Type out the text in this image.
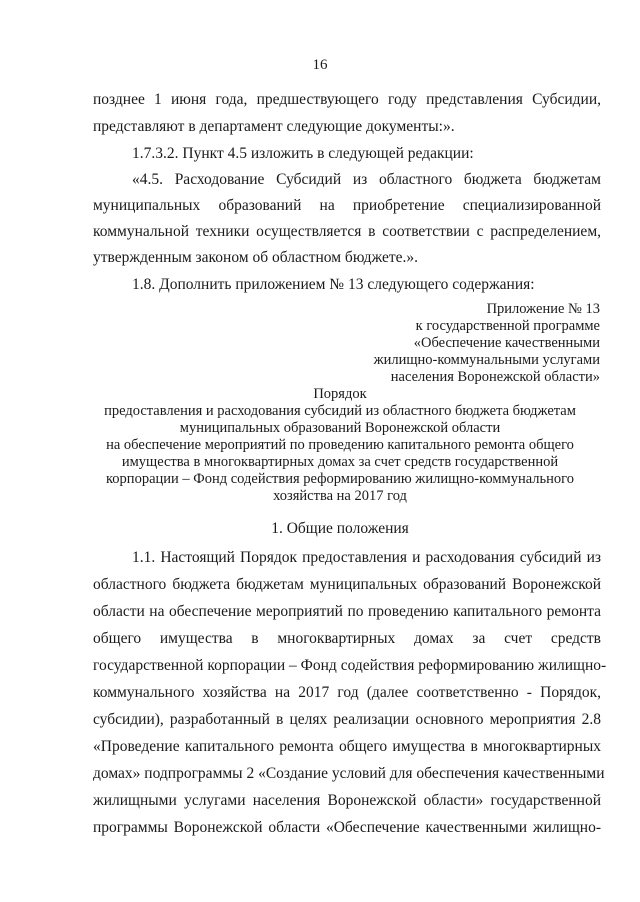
16
позднее 1 июня года, предшествующего году представления Субсидии,
представляют в департамент следующие документы:».
1.7.3.2. Пункт 4.5 изложить в следующей редакции:
«4.5. Расходование Субсидий из областного бюджета бюджетам
муниципальных образований на приобретение специализированной
коммунальной техники осуществляется в соответствии с распределением,
утвержденным законом об областном бюджете.».
1.8. Дополнить приложением № 13 следующего содержания:
Приложение № 13
к государственной программе
«Обеспечение качественными
жилищно-коммунальными услугами
населения Воронежской области»
Порядок
предоставления и расходования субсидий из областного бюджета бюджетам
муниципальных образований Воронежской области
на обеспечение мероприятий по проведению капитального ремонта общего
имущества в многоквартирных домах за счет средств государственной
корпорации – Фонд содействия реформированию жилищно-коммунального
хозяйства на 2017 год
1. Общие положения
1.1. Настоящий Порядок предоставления и расходования субсидий из
областного бюджета бюджетам муниципальных образований Воронежской
области на обеспечение мероприятий по проведению капитального ремонта
общего имущества в многоквартирных домах за счет средств
государственной корпорации – Фонд содействия реформированию жилищно-
коммунального хозяйства на 2017 год (далее соответственно - Порядок,
субсидии), разработанный в целях реализации основного мероприятия 2.8
«Проведение капитального ремонта общего имущества в многоквартирных
домах» подпрограммы 2 «Создание условий для обеспечения качественными
жилищными услугами населения Воронежской области» государственной
программы Воронежской области «Обеспечение качественными жилищно-
